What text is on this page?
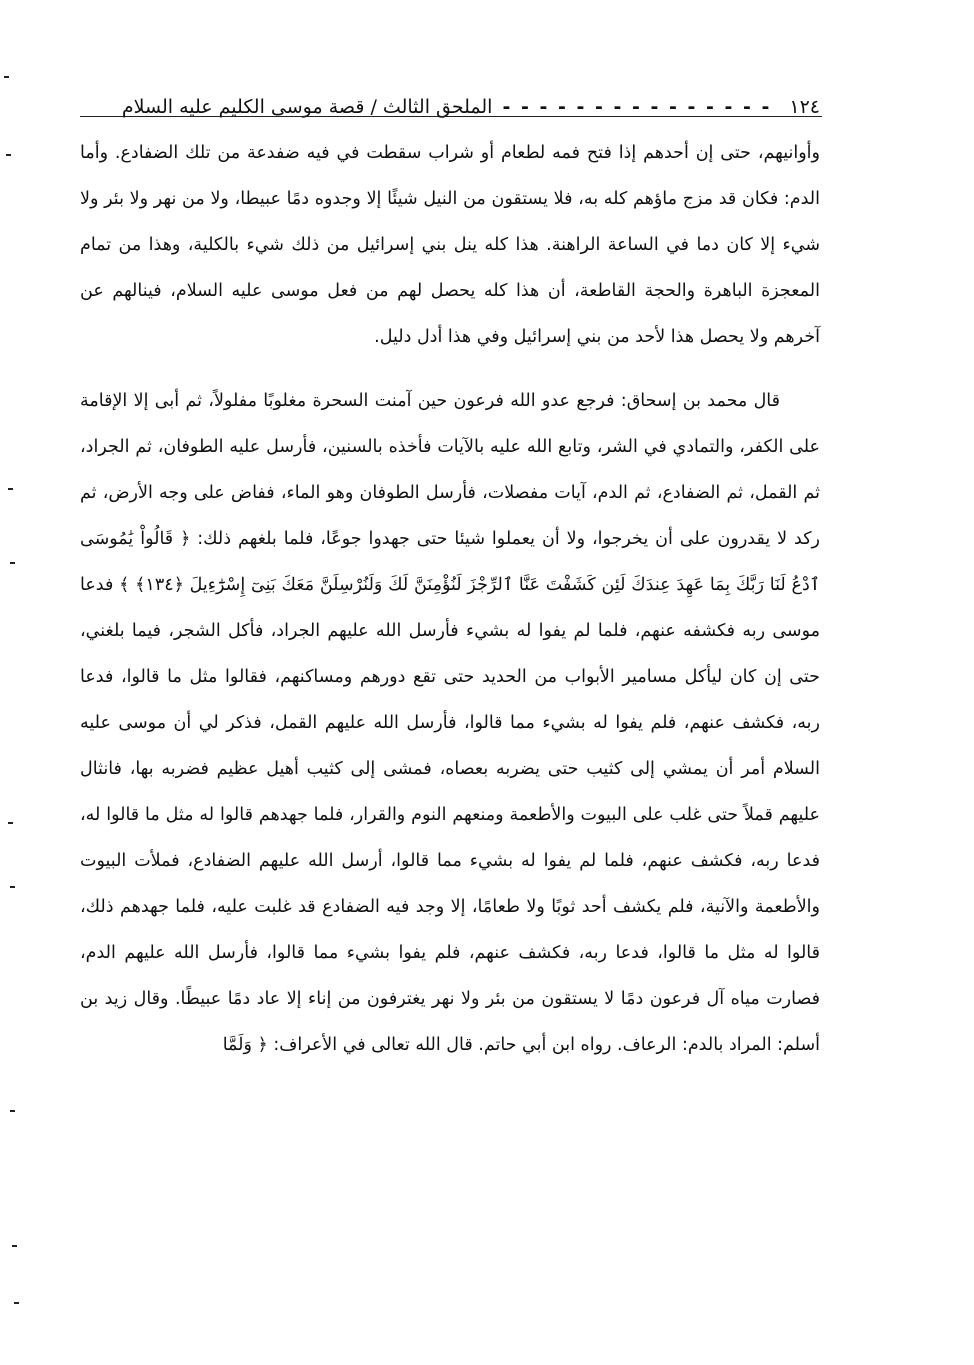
١٢٤
- - - - - - - - - - - - - - -
الملحق الثالث / قصة موسى الكليم عليه السلام

وأوانيهم، حتى إن أحدهم إذا فتح فمه لطعام أو شراب سقطت في فيه ضفدعة من تلك الضفادع. وأما الدم: فكان قد مزج ماؤهم كله به، فلا يستقون من النيل شيئًا إلا وجدوه دمًا عبيطا، ولا من نهر ولا بئر ولا شيء إلا كان دما في الساعة الراهنة. هذا كله ينل بني إسرائيل من ذلك شيء بالكلية، وهذا من تمام المعجزة الباهرة والحجة القاطعة، أن هذا كله يحصل لهم من فعل موسى عليه السلام، فينالهم عن آخرهم ولا يحصل هذا لأحد من بني إسرائيل وفي هذا أدل دليل.

قال محمد بن إسحاق: فرجع عدو الله فرعون حين آمنت السحرة مغلوبًا مفلولاً، ثم أبى إلا الإقامة على الكفر، والتمادي في الشر، وتابع الله عليه بالآيات فأخذه بالسنين، فأرسل عليه الطوفان، ثم الجراد، ثم القمل، ثم الضفادع، ثم الدم، آيات مفصلات، فأرسل الطوفان وهو الماء، ففاض على وجه الأرض، ثم ركد لا يقدرون على أن يخرجوا، ولا أن يعملوا شيئا حتى جهدوا جوعًا، فلما بلغهم ذلك: ﴿ قَالُواْ يَٰمُوسَى ٱدْعُ لَنَا رَبَّكَ بِمَا عَهِدَ عِندَكَ لَئِن كَشَفْتَ عَنَّا ٱلرِّجْزَ لَنُؤْمِنَنَّ لَكَ وَلَنُرْسِلَنَّ مَعَكَ بَنِىٓ إِسْرَٰٓءِيلَ ﴿١٣٤﴾ ﴾ فدعا موسى ربه فكشفه عنهم، فلما لم يفوا له بشيء فأرسل الله عليهم الجراد، فأكل الشجر، فيما بلغني، حتى إن كان ليأكل مسامير الأبواب من الحديد حتى تقع دورهم ومساكنهم، فقالوا مثل ما قالوا، فدعا ربه، فكشف عنهم، فلم يفوا له بشيء مما قالوا، فأرسل الله عليهم القمل، فذكر لي أن موسى عليه السلام أمر أن يمشي إلى كثيب حتى يضربه بعصاه، فمشى إلى كثيب أهيل عظيم فضربه بها، فانثال عليهم قملاً حتى غلب على البيوت والأطعمة ومنعهم النوم والقرار، فلما جهدهم قالوا له مثل ما قالوا له، فدعا ربه، فكشف عنهم، فلما لم يفوا له بشيء مما قالوا، أرسل الله عليهم الضفادع، فملأت البيوت والأطعمة والآنية، فلم يكشف أحد ثوبًا ولا طعامًا، إلا وجد فيه الضفادع قد غلبت عليه، فلما جهدهم ذلك، قالوا له مثل ما قالوا، فدعا ربه، فكشف عنهم، فلم يفوا بشيء مما قالوا، فأرسل الله عليهم الدم، فصارت مياه آل فرعون دمًا لا يستقون من بئر ولا نهر يغترفون من إناء إلا عاد دمًا عبيطًا. وقال زيد بن أسلم: المراد بالدم: الرعاف. رواه ابن أبي حاتم. قال الله تعالى في الأعراف: ﴿ وَلَمَّا
